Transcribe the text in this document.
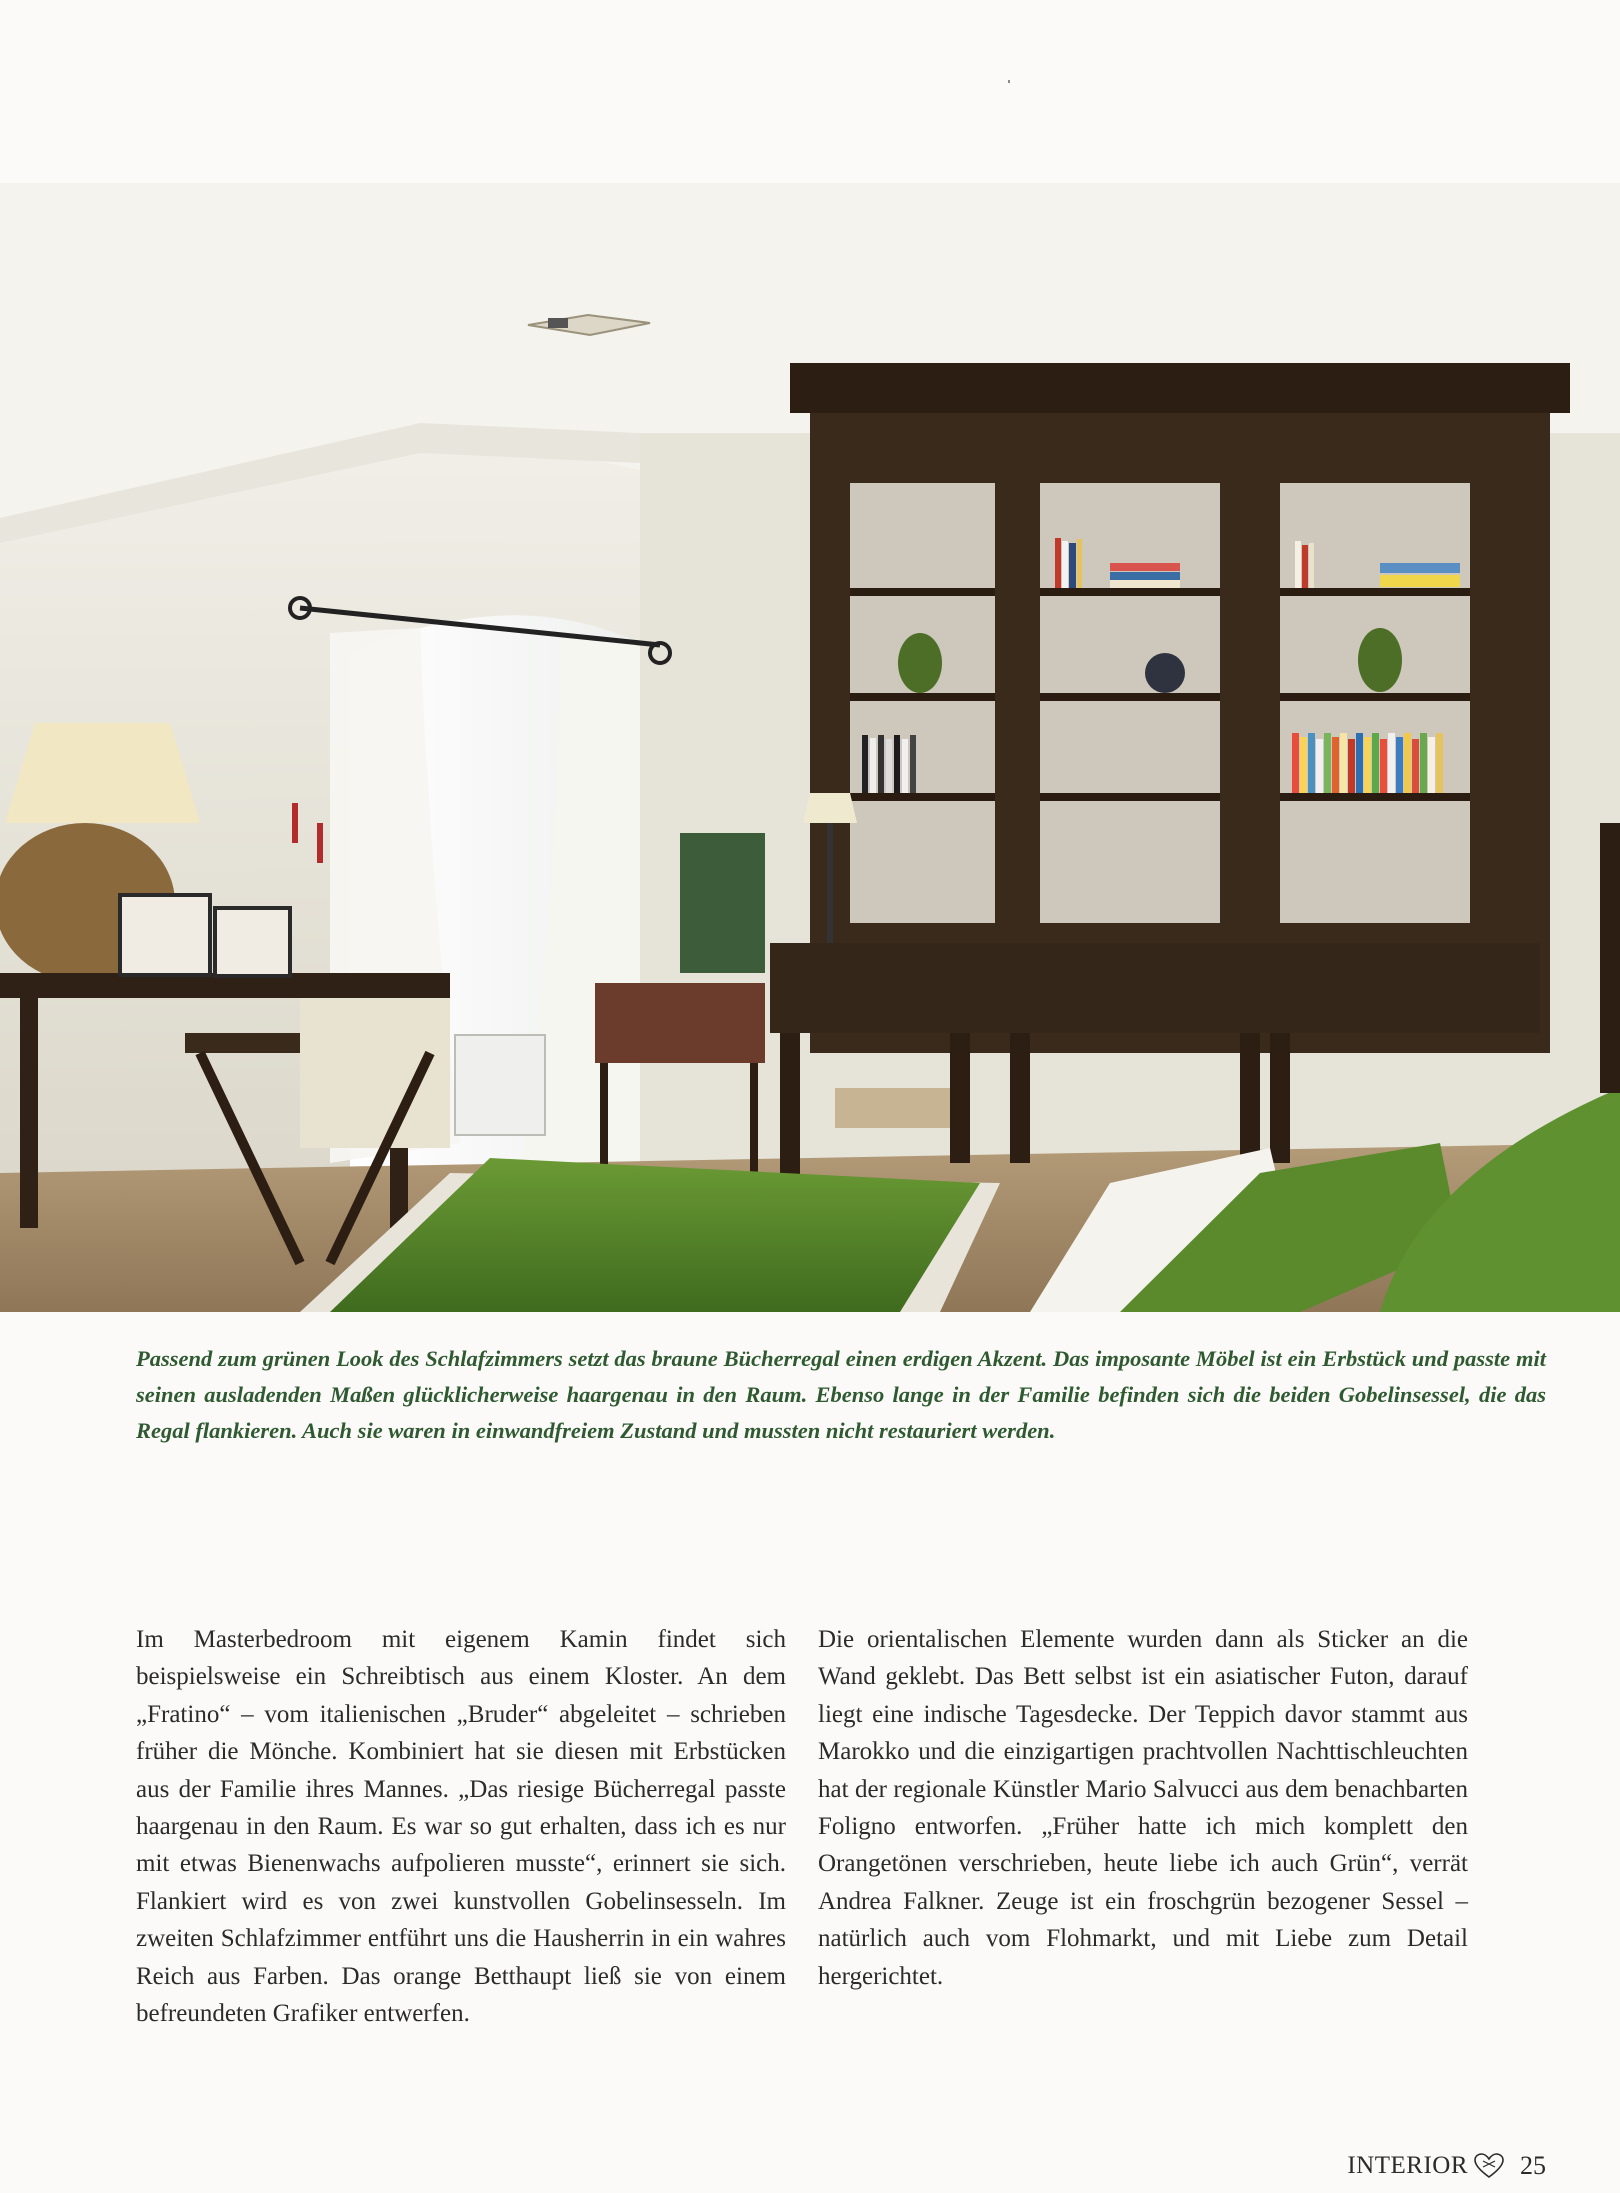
Passend zum grünen Look des Schlafzimmers setzt das braune Bücherregal einen erdigen Akzent. Das imposante Möbel ist ein Erbstück und passte mit seinen ausladenden Maßen glücklicherweise haargenau in den Raum. Ebenso lange in der Familie befinden sich die beiden Gobelinsessel, die das Regal flankieren. Auch sie waren in einwandfreiem Zustand und mussten nicht restauriert werden.

Im Masterbedroom mit eigenem Kamin findet sich beispielsweise ein Schreibtisch aus einem Kloster. An dem „Fratino“ – vom italienischen „Bruder“ abgeleitet – schrieben früher die Mönche. Kombiniert hat sie diesen mit Erbstücken aus der Familie ihres Mannes. „Das riesige Bücherregal passte haargenau in den Raum. Es war so gut erhalten, dass ich es nur mit etwas Bienenwachs aufpolieren musste“, erinnert sie sich. Flankiert wird es von zwei kunstvollen Gobelinsesseln. Im zweiten Schlafzimmer entführt uns die Hausherrin in ein wahres Reich aus Farben. Das orange Betthaupt ließ sie von einem befreundeten Grafiker entwerfen.

Die orientalischen Elemente wurden dann als Sticker an die Wand geklebt. Das Bett selbst ist ein asiatischer Futon, darauf liegt eine indische Tagesdecke. Der Teppich davor stammt aus Marokko und die einzigartigen prachtvollen Nachttischleuchten hat der regionale Künstler Mario Salvucci aus dem benachbarten Foligno entworfen. „Früher hatte ich mich komplett den Orangetönen verschrieben, heute liebe ich auch Grün“, verrät Andrea Falkner. Zeuge ist ein froschgrün bezogener Sessel – natürlich auch vom Flohmarkt, und mit Liebe zum Detail hergerichtet.

INTERIOR 25
